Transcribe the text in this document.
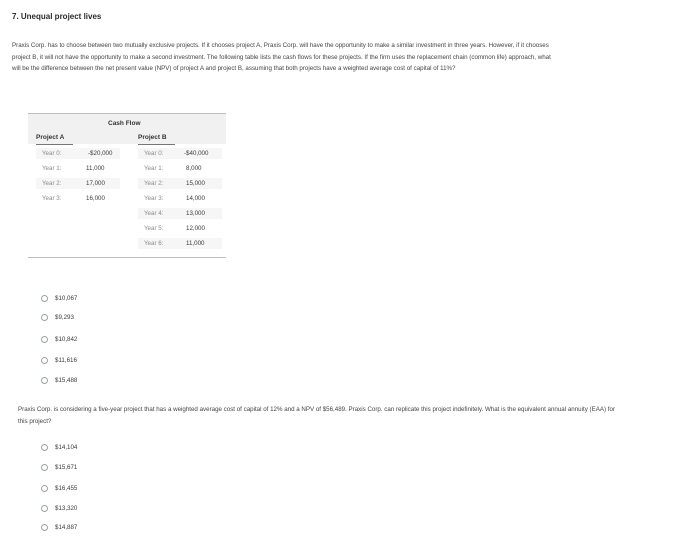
7. Unequal project lives
Praxis Corp. has to choose between two mutually exclusive projects. If it chooses project A, Praxis Corp. will have the opportunity to make a similar investment in three years. However, if it chooses project B, it will not have the opportunity to make a second investment. The following table lists the cash flows for these projects. If the firm uses the replacement chain (common life) approach, what will be the difference between the net present value (NPV) of project A and project B, assuming that both projects have a weighted average cost of capital of 11%?
Cash Flow
Project A	Project B
Year 0:	-$20,000
Year 1:	11,000
Year 2:	17,000
Year 3:	16,000
Year 0:	-$40,000
Year 1:	8,000
Year 2:	15,000
Year 3:	14,000
Year 4:	13,000
Year 5:	12,000
Year 6:	11,000
$10,067
$9,293
$10,842
$11,616
$15,488
Praxis Corp. is considering a five-year project that has a weighted average cost of capital of 12% and a NPV of $56,489. Praxis Corp. can replicate this project indefinitely. What is the equivalent annual annuity (EAA) for this project?
$14,104
$15,671
$16,455
$13,320
$14,887
